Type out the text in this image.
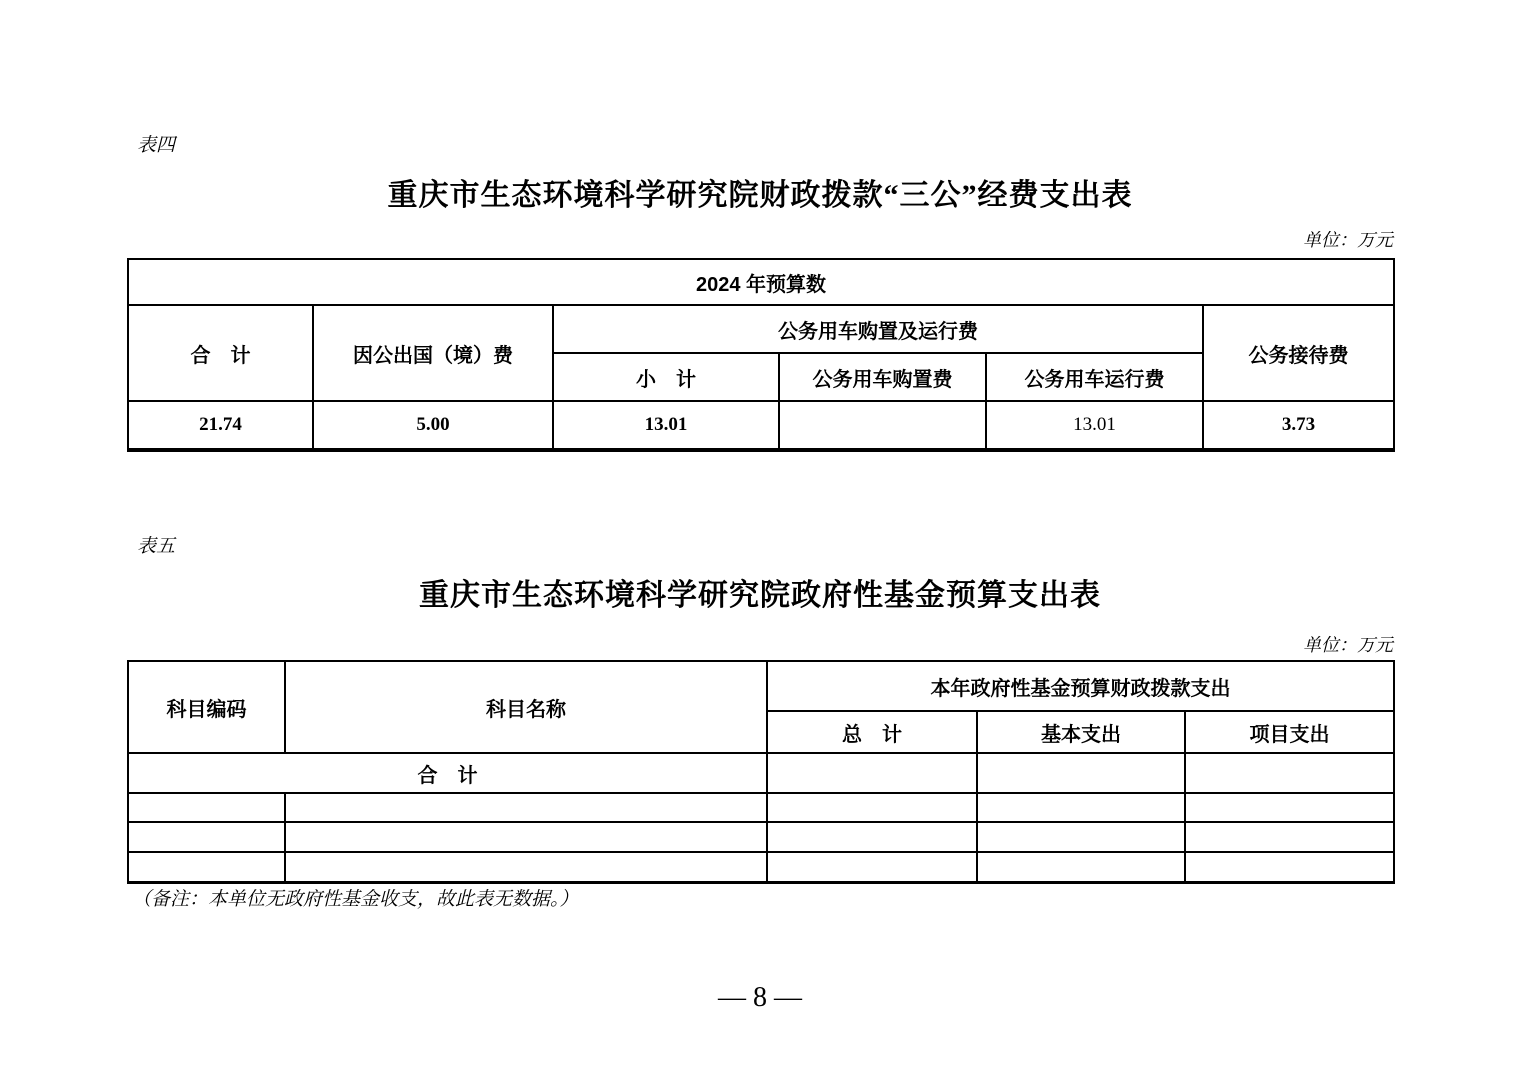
表四
重庆市生态环境科学研究院财政拨款“三公”经费支出表
单位：万元
2024 年预算数					
合　计	因公出国（境）费	公务用车购置及运行费			公务接待费
		小　计	公务用车购置费	公务用车运行费	
21.74	5.00	13.01		13.01	3.73
表五
重庆市生态环境科学研究院政府性基金预算支出表
单位：万元
科目编码	科目名称	本年政府性基金预算财政拨款支出		
		总　计	基本支出	项目支出
合　计				

（备注：本单位无政府性基金收支，故此表无数据。）
— 8 —
